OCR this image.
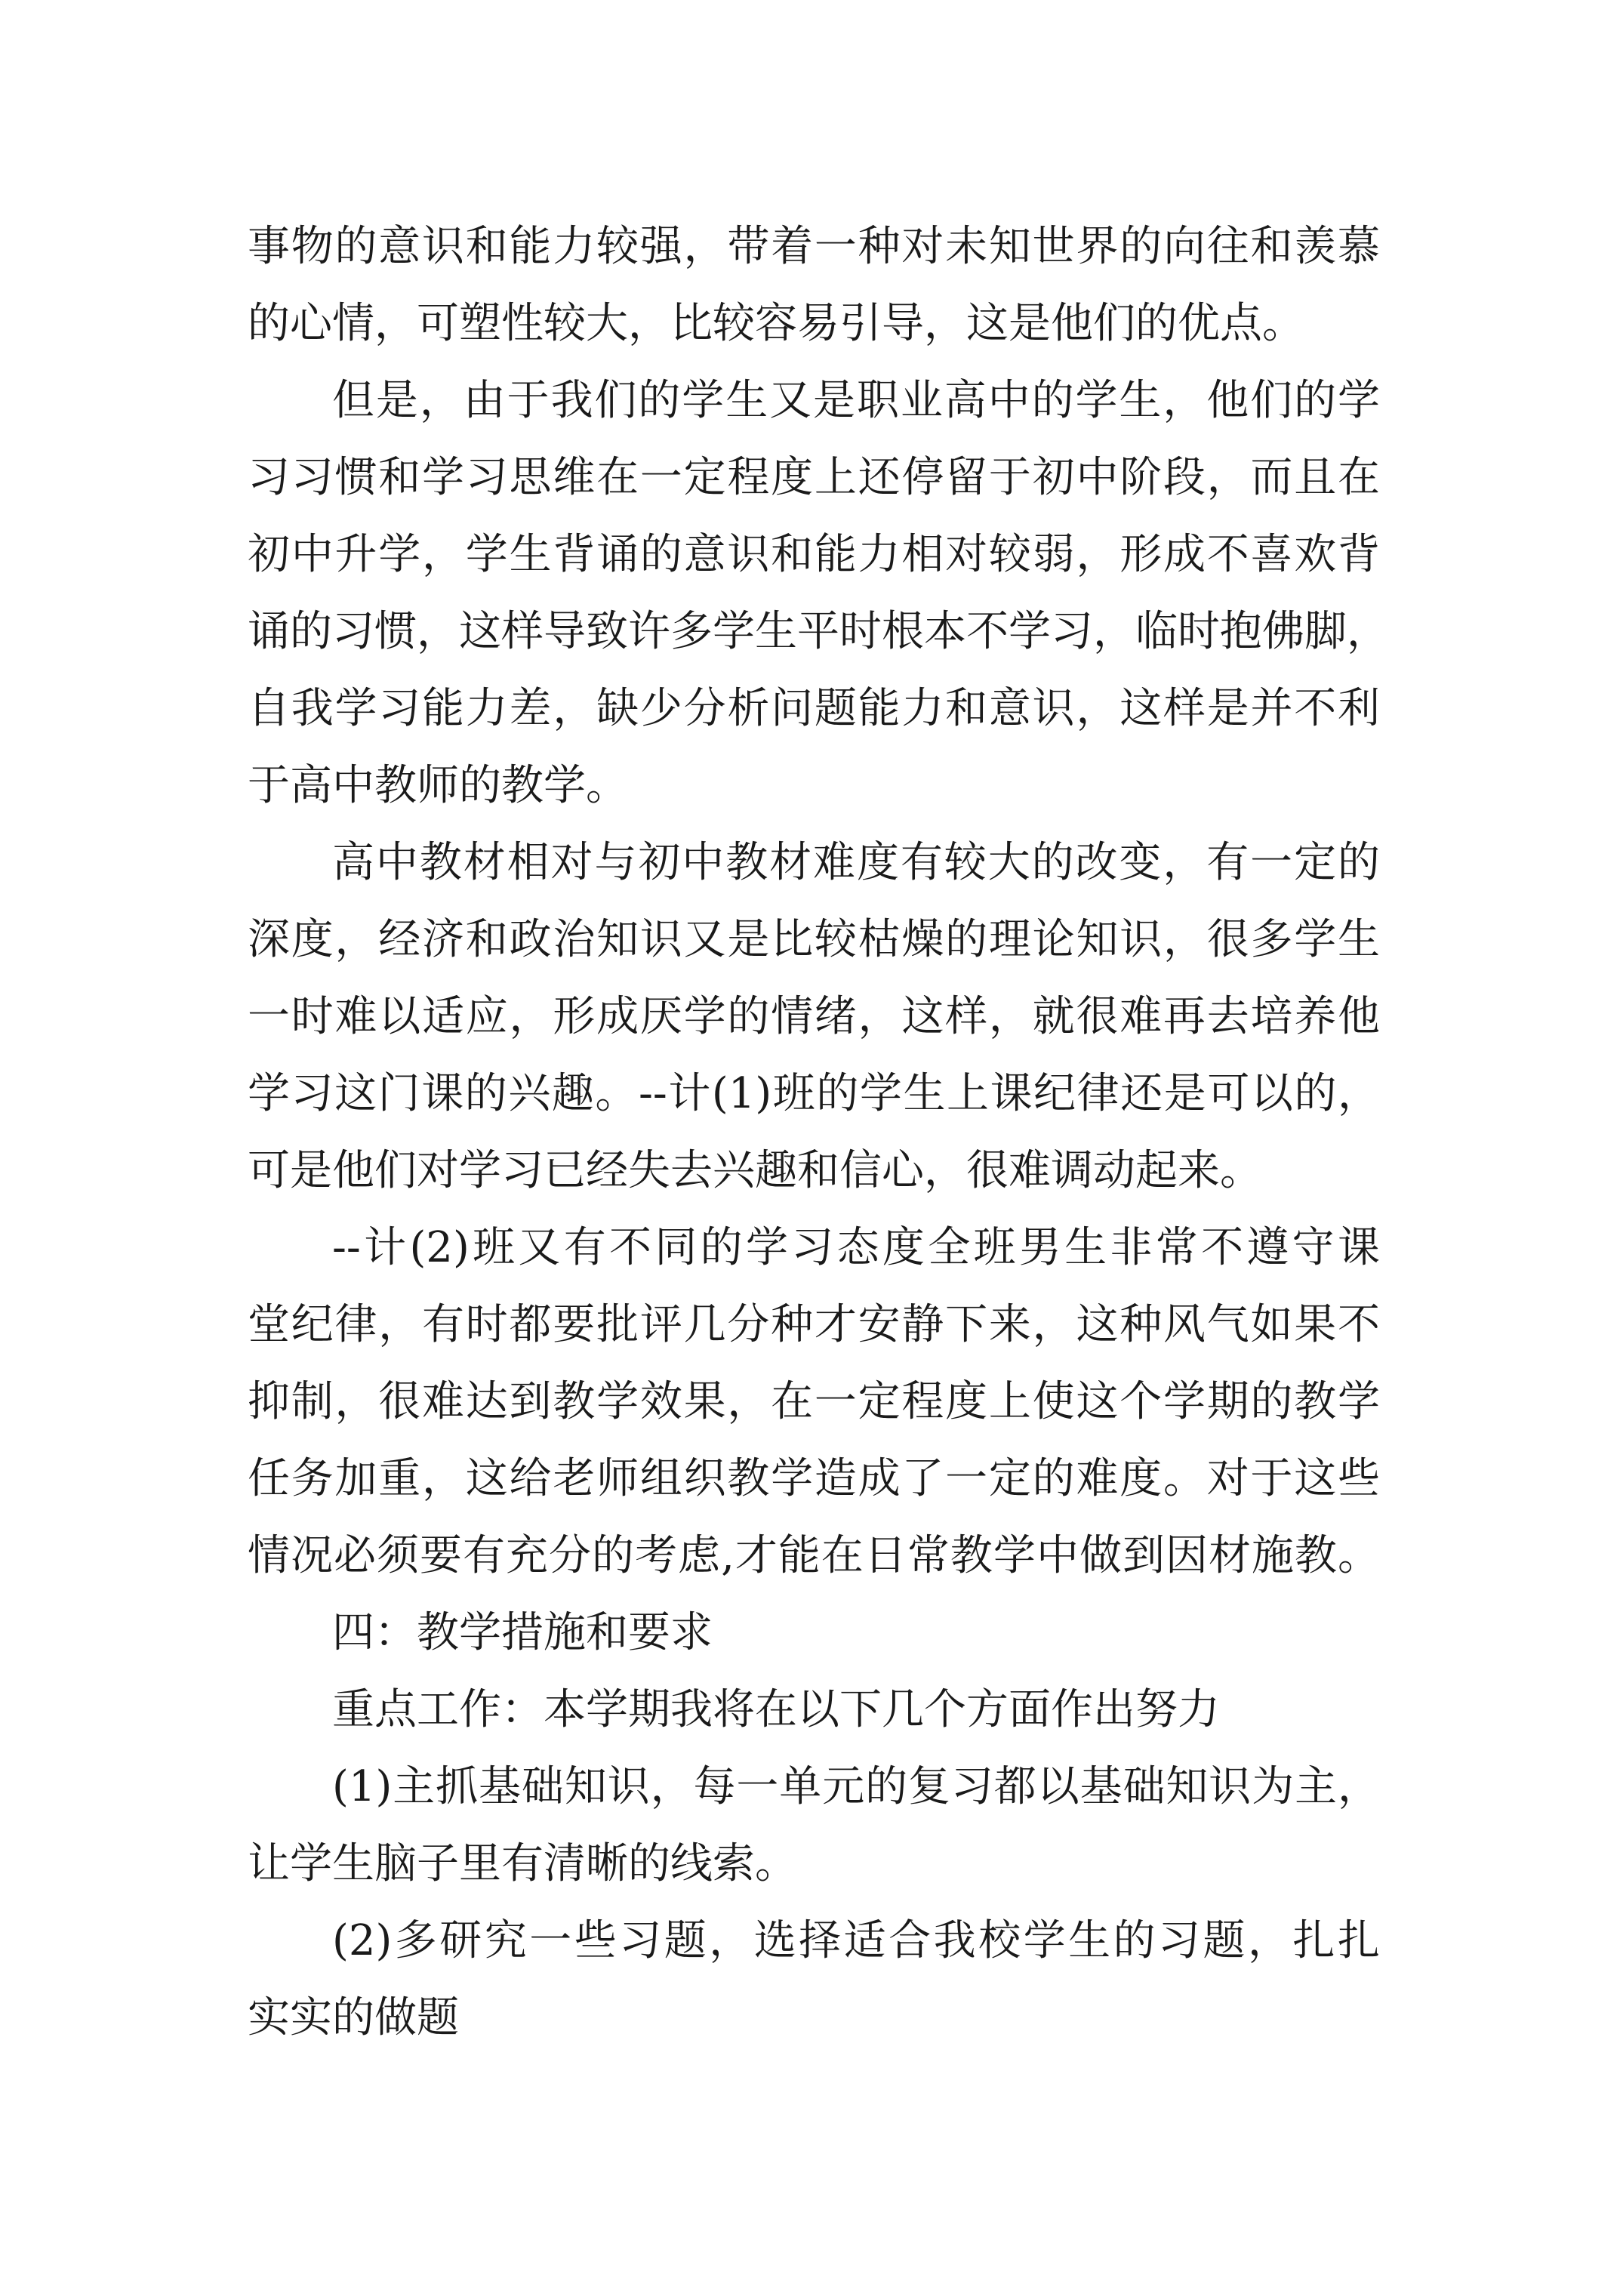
事物的意识和能力较强，带着一种对未知世界的向往和羡慕
的心情，可塑性较大，比较容易引导，这是他们的优点。
但是，由于我们的学生又是职业高中的学生，他们的学
习习惯和学习思维在一定程度上还停留于初中阶段，而且在
初中升学，学生背诵的意识和能力相对较弱，形成不喜欢背
诵的习惯，这样导致许多学生平时根本不学习，临时抱佛脚，
自我学习能力差，缺少分析问题能力和意识，这样是并不利
于高中教师的教学。
高中教材相对与初中教材难度有较大的改变，有一定的
深度，经济和政治知识又是比较枯燥的理论知识，很多学生
一时难以适应，形成厌学的情绪，这样，就很难再去培养他
学习这门课的兴趣。--计(1)班的学生上课纪律还是可以的，
可是他们对学习已经失去兴趣和信心，很难调动起来。
--计(2)班又有不同的学习态度全班男生非常不遵守课
堂纪律，有时都要批评几分种才安静下来，这种风气如果不
抑制，很难达到教学效果，在一定程度上使这个学期的教学
任务加重，这给老师组织教学造成了一定的难度。对于这些
情况必须要有充分的考虑,才能在日常教学中做到因材施教。
四：教学措施和要求
重点工作：本学期我将在以下几个方面作出努力
(1)主抓基础知识，每一单元的复习都以基础知识为主，
让学生脑子里有清晰的线索。
(2)多研究一些习题，选择适合我校学生的习题，扎扎
实实的做题
